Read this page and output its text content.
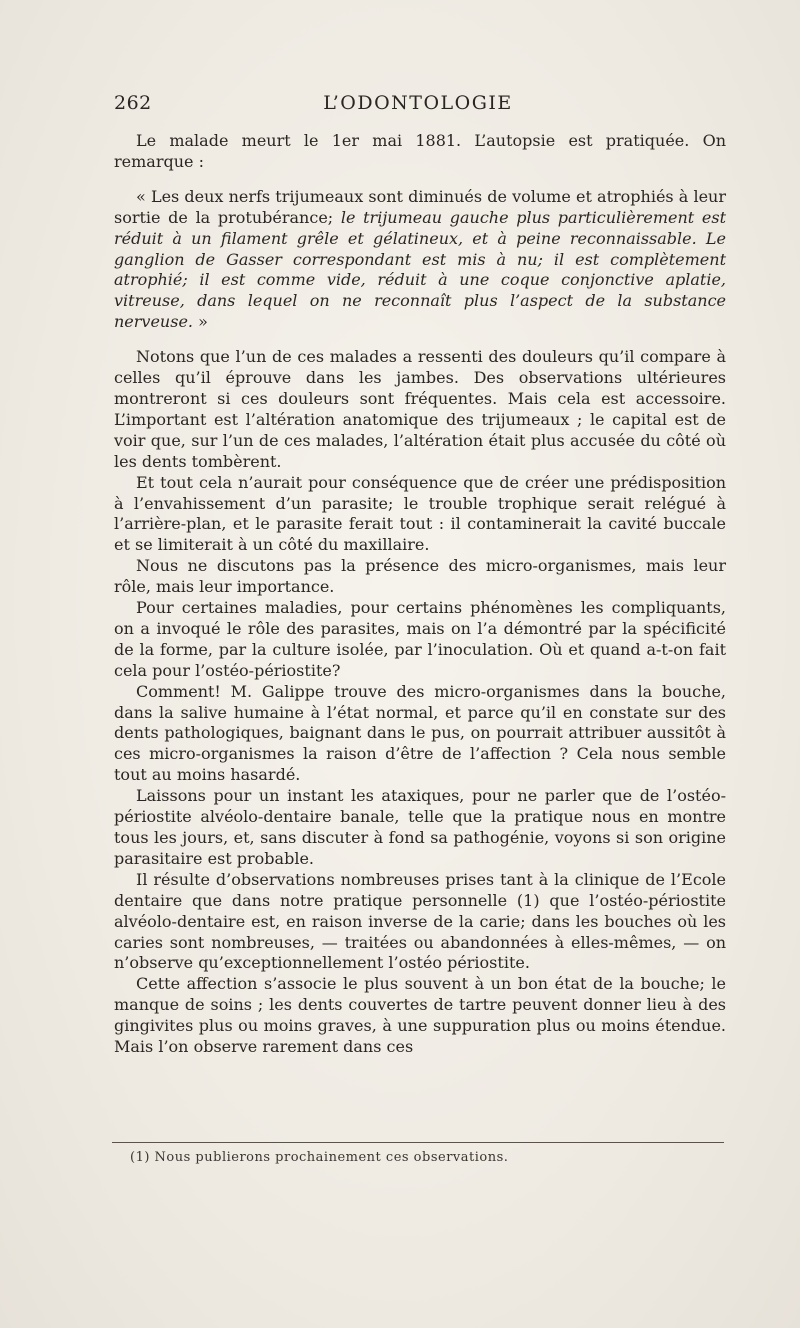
262	L’ODONTOLOGIE

Le malade meurt le 1er mai 1881. L’autopsie est pratiquée. On remarque :

« Les deux nerfs trijumeaux sont diminués de volume et atrophiés à leur sortie de la protubérance; le trijumeau gauche plus particulièrement est réduit à un filament grêle et gélatineux, et à peine reconnaissable. Le ganglion de Gasser correspondant est mis à nu; il est complètement atrophié; il est comme vide, réduit à une coque conjonctive aplatie, vitreuse, dans lequel on ne reconnaît plus l’aspect de la substance nerveuse. »

Notons que l’un de ces malades a ressenti des douleurs qu’il compare à celles qu’il éprouve dans les jambes. Des observations ultérieures montreront si ces douleurs sont fréquentes. Mais cela est accessoire. L’important est l’altération anatomique des trijumeaux ; le capital est de voir que, sur l’un de ces malades, l’altération était plus accusée du côté où les dents tombèrent.

Et tout cela n’aurait pour conséquence que de créer une prédisposition à l’envahissement d’un parasite; le trouble trophique serait relégué à l’arrière-plan, et le parasite ferait tout : il contaminerait la cavité buccale et se limiterait à un côté du maxillaire.

Nous ne discutons pas la présence des micro-organismes, mais leur rôle, mais leur importance.

Pour certaines maladies, pour certains phénomènes les compliquants, on a invoqué le rôle des parasites, mais on l’a démontré par la spécificité de la forme, par la culture isolée, par l’inoculation. Où et quand a-t-on fait cela pour l’ostéo-périostite?

Comment! M. Galippe trouve des micro-organismes dans la bouche, dans la salive humaine à l’état normal, et parce qu’il en constate sur des dents pathologiques, baignant dans le pus, on pourrait attribuer aussitôt à ces micro-organismes la raison d’être de l’affection ? Cela nous semble tout au moins hasardé.

Laissons pour un instant les ataxiques, pour ne parler que de l’ostéo-périostite alvéolo-dentaire banale, telle que la pratique nous en montre tous les jours, et, sans discuter à fond sa pathogénie, voyons si son origine parasitaire est probable.

Il résulte d’observations nombreuses prises tant à la clinique de l’Ecole dentaire que dans notre pratique personnelle (1) que l’ostéo-périostite alvéolo-dentaire est, en raison inverse de la carie; dans les bouches où les caries sont nombreuses, — traitées ou abandonnées à elles-mêmes, — on n’observe qu’exceptionnellement l’ostéo périostite.

Cette affection s’associe le plus souvent à un bon état de la bouche; le manque de soins ; les dents couvertes de tartre peuvent donner lieu à des gingivites plus ou moins graves, à une suppuration plus ou moins étendue. Mais l’on observe rarement dans ces

(1) Nous publierons prochainement ces observations.
